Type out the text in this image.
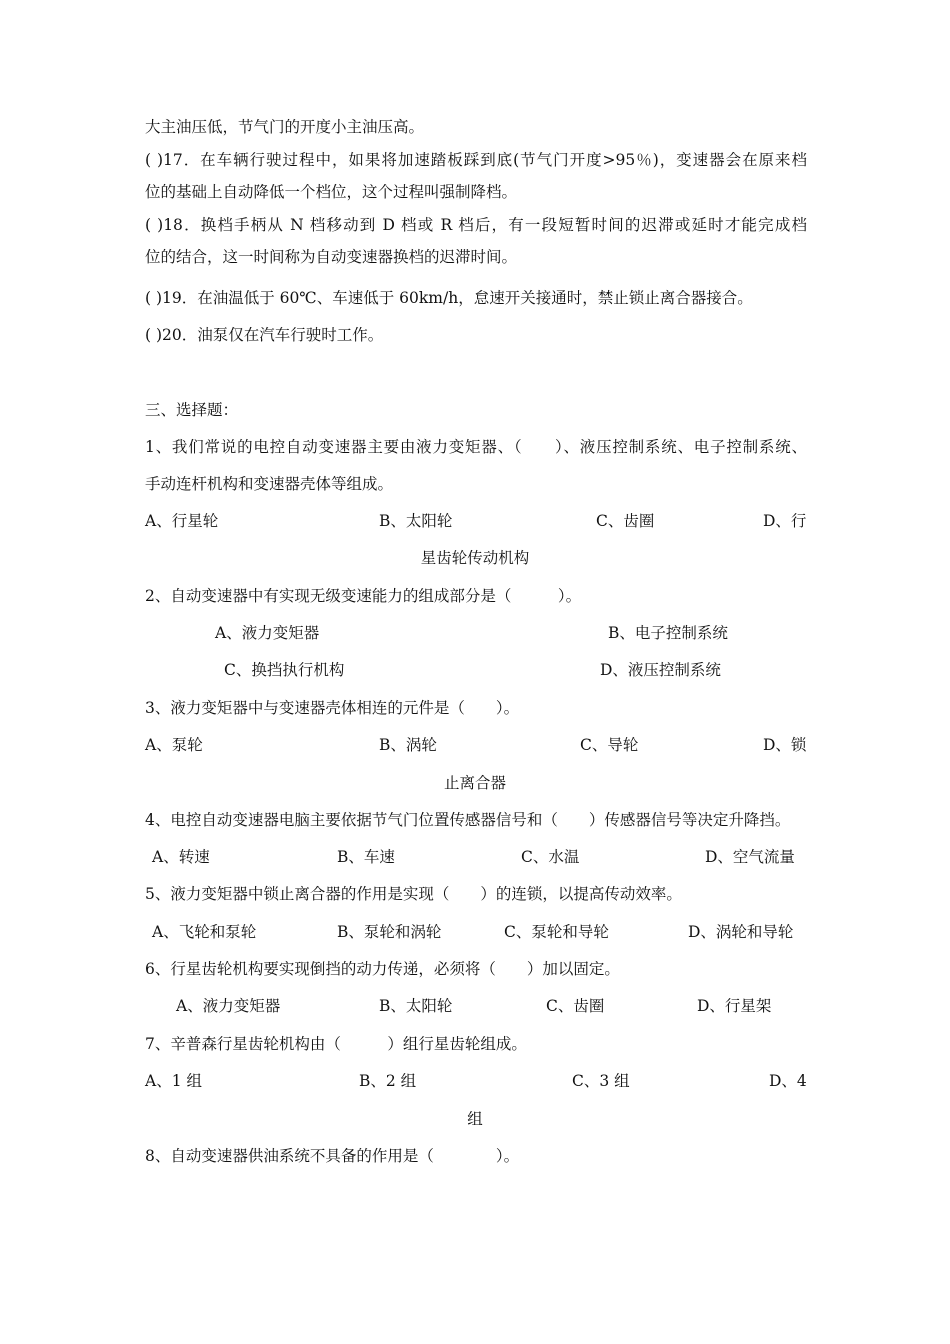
大主油压低，节气门的开度小主油压高。
( )17．在车辆行驶过程中，如果将加速踏板踩到底(节气门开度>95％)，变速器会在原来档
位的基础上自动降低一个档位，这个过程叫强制降档。
( )18．换档手柄从 N 档移动到 D 档或 R 档后，有一段短暂时间的迟滞或延时才能完成档
位的结合，这一时间称为自动变速器换档的迟滞时间。
( )19．在油温低于 60℃、车速低于 60km/h，怠速开关接通时，禁止锁止离合器接合。
( )20．油泵仅在汽车行驶时工作。
三、选择题：
1、我们常说的电控自动变速器主要由液力变矩器、（　　）、液压控制系统、电子控制系统、
手动连杆机构和变速器壳体等组成。
A、行星轮	B、太阳轮	C、齿圈	D、行
星齿轮传动机构
2、自动变速器中有实现无级变速能力的组成部分是（　　　）。
A、液力变矩器	B、电子控制系统
C、换挡执行机构	D、液压控制系统
3、液力变矩器中与变速器壳体相连的元件是（　　）。
A、泵轮	B、涡轮	C、导轮	D、锁
止离合器
4、电控自动变速器电脑主要依据节气门位置传感器信号和（　　）传感器信号等决定升降挡。
A、转速	B、车速	C、水温	D、空气流量
5、液力变矩器中锁止离合器的作用是实现（　　）的连锁，以提高传动效率。
A、飞轮和泵轮	B、泵轮和涡轮	C、泵轮和导轮	D、涡轮和导轮
6、行星齿轮机构要实现倒挡的动力传递，必须将（　　）加以固定。
A、液力变矩器	B、太阳轮	C、齿圈	D、行星架
7、辛普森行星齿轮机构由（　　　）组行星齿轮组成。
A、1 组	B、2 组	C、3 组	D、4
组
8、自动变速器供油系统不具备的作用是（　　　　）。
